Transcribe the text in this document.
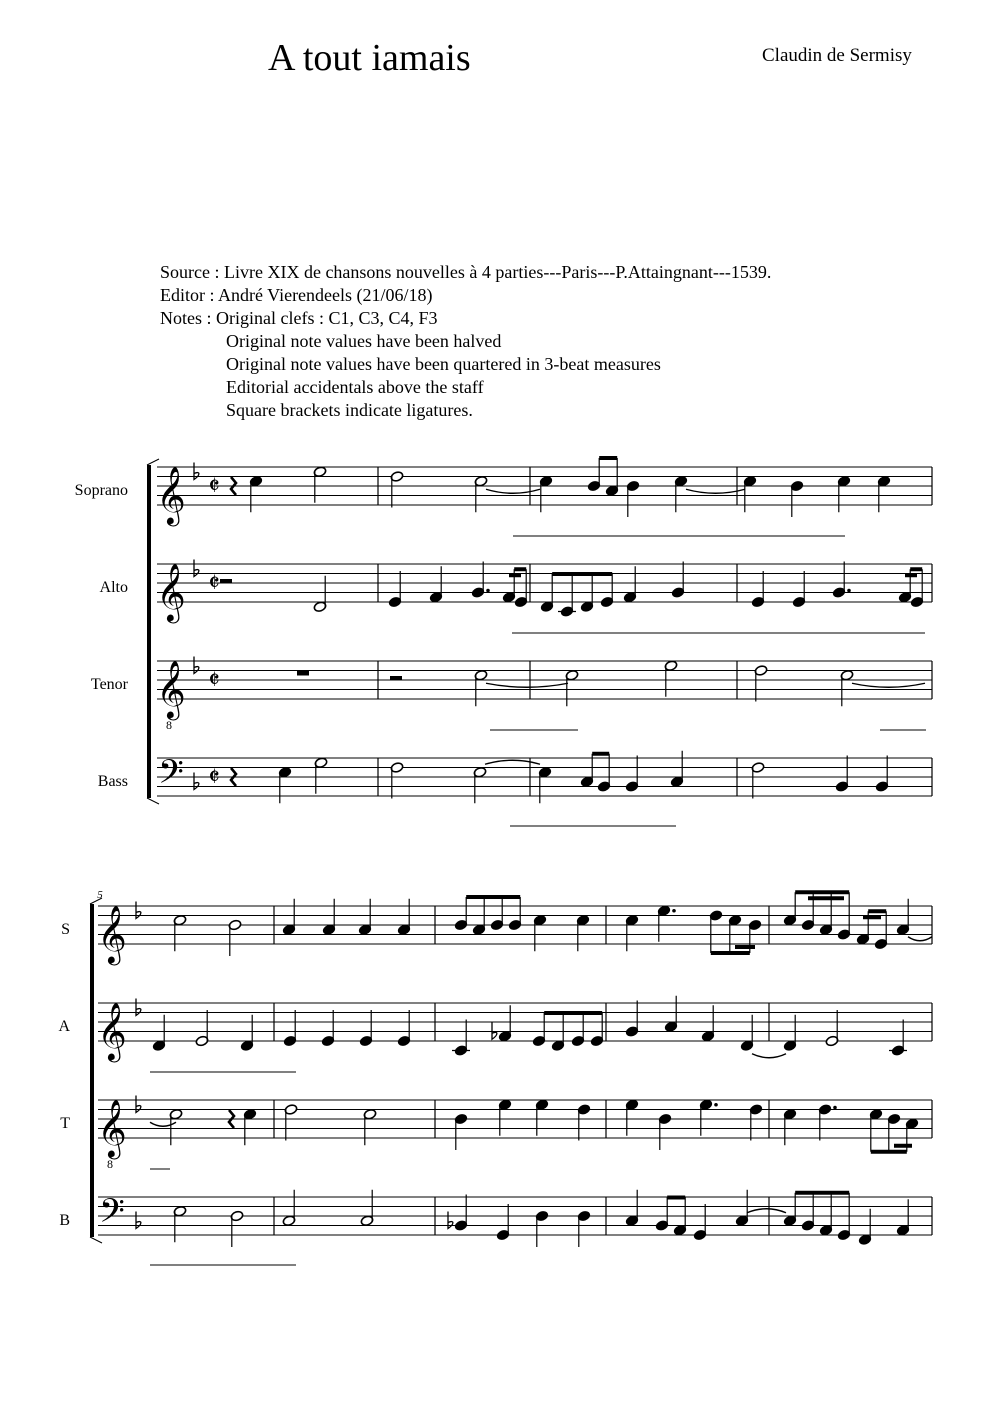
A tout iamais	Claudin de Sermisy
Source : Livre XIX de chansons nouvelles à 4 parties---Paris---P.Attaingnant---1539.
Editor : André Vierendeels (21/06/18)
Notes : Original clefs : C1, C3, C4, F3
Original note values have been halved
Original note values have been quartered in 3-beat measures
Editorial accidentals above the staff
Square brackets indicate ligatures.
Soprano 𝄞 𝄵
Alto 𝄞 𝄵
Tenor 𝄞
8
𝄵
Bass 𝄢 𝄵
5
S 𝄞
A 𝄞
T 𝄞
8
B 𝄢
